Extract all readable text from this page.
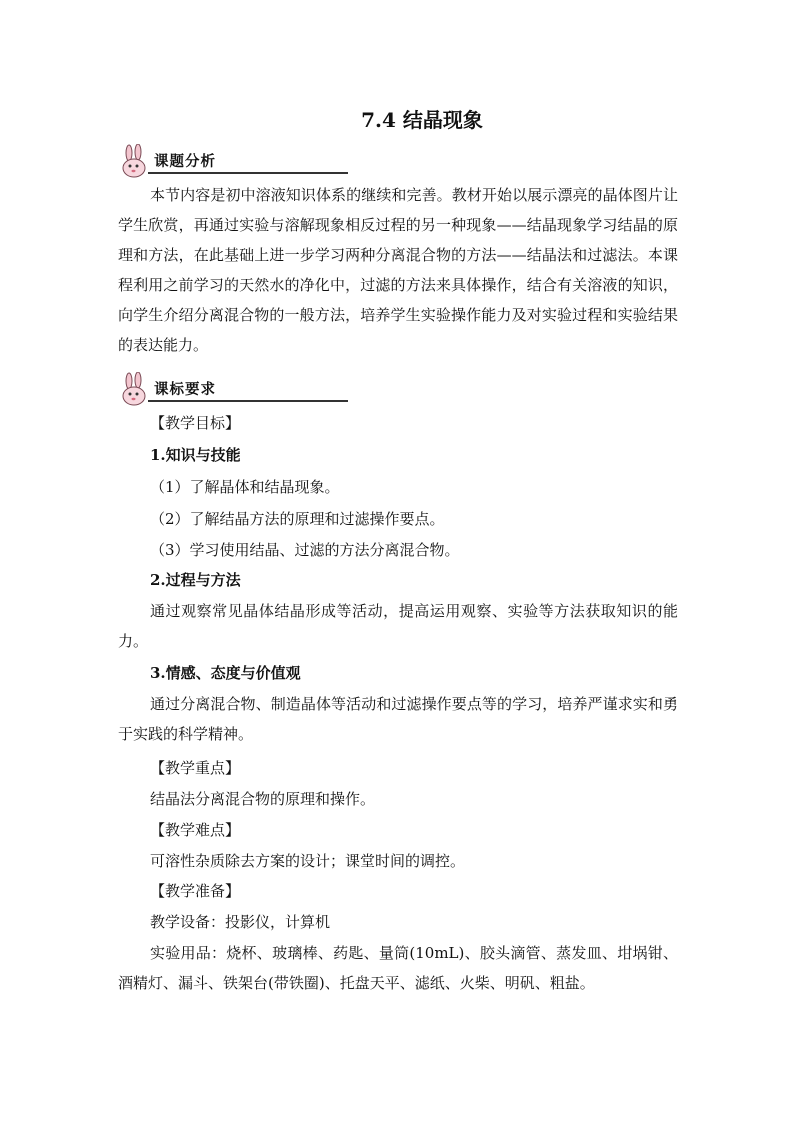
7.4 结晶现象
课题分析
本节内容是初中溶液知识体系的继续和完善。教材开始以展示漂亮的晶体图片让学生欣赏，再通过实验与溶解现象相反过程的另一种现象——结晶现象学习结晶的原理和方法，在此基础上进一步学习两种分离混合物的方法——结晶法和过滤法。本课程利用之前学习的天然水的净化中，过滤的方法来具体操作，结合有关溶液的知识，向学生介绍分离混合物的一般方法，培养学生实验操作能力及对实验过程和实验结果的表达能力。
课标要求
【教学目标】
1.知识与技能
（1）了解晶体和结晶现象。
（2）了解结晶方法的原理和过滤操作要点。
（3）学习使用结晶、过滤的方法分离混合物。
2.过程与方法
通过观察常见晶体结晶形成等活动，提高运用观察、实验等方法获取知识的能力。
3.情感、态度与价值观
通过分离混合物、制造晶体等活动和过滤操作要点等的学习，培养严谨求实和勇于实践的科学精神。
【教学重点】
结晶法分离混合物的原理和操作。
【教学难点】
可溶性杂质除去方案的设计；课堂时间的调控。
【教学准备】
教学设备：投影仪，计算机
实验用品：烧杯、玻璃棒、药匙、量筒(10mL)、胶头滴管、蒸发皿、坩埚钳、酒精灯、漏斗、铁架台(带铁圈)、托盘天平、滤纸、火柴、明矾、粗盐。
